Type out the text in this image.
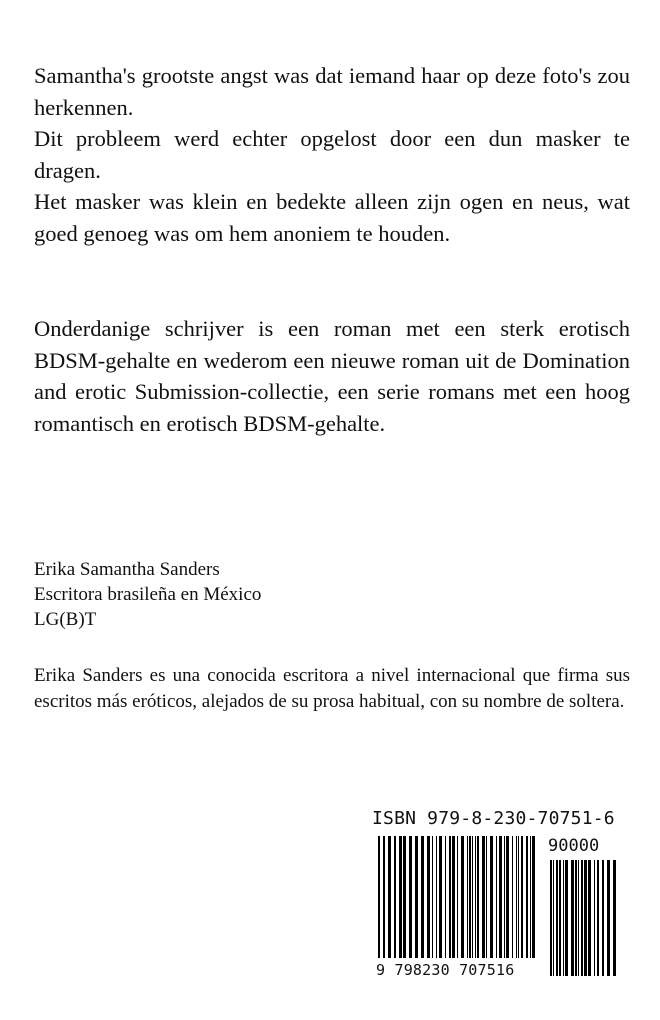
Samantha's grootste angst was dat iemand haar op deze foto's zou herkennen.
Dit probleem werd echter opgelost door een dun masker te dragen.
Het masker was klein en bedekte alleen zijn ogen en neus, wat goed genoeg was om hem anoniem te houden.

Onderdanige schrijver is een roman met een sterk erotisch BDSM-gehalte en wederom een nieuwe roman uit de Domination and erotic Submission-collectie, een serie romans met een hoog romantisch en erotisch BDSM-gehalte.

Erika Samantha Sanders
Escritora brasileña en México
LG(B)T

Erika Sanders es una conocida escritora a nivel internacional que firma sus escritos más eróticos, alejados de su prosa habitual, con su nombre de soltera.

ISBN 979-8-230-70751-6
9 798230 707516
90000
